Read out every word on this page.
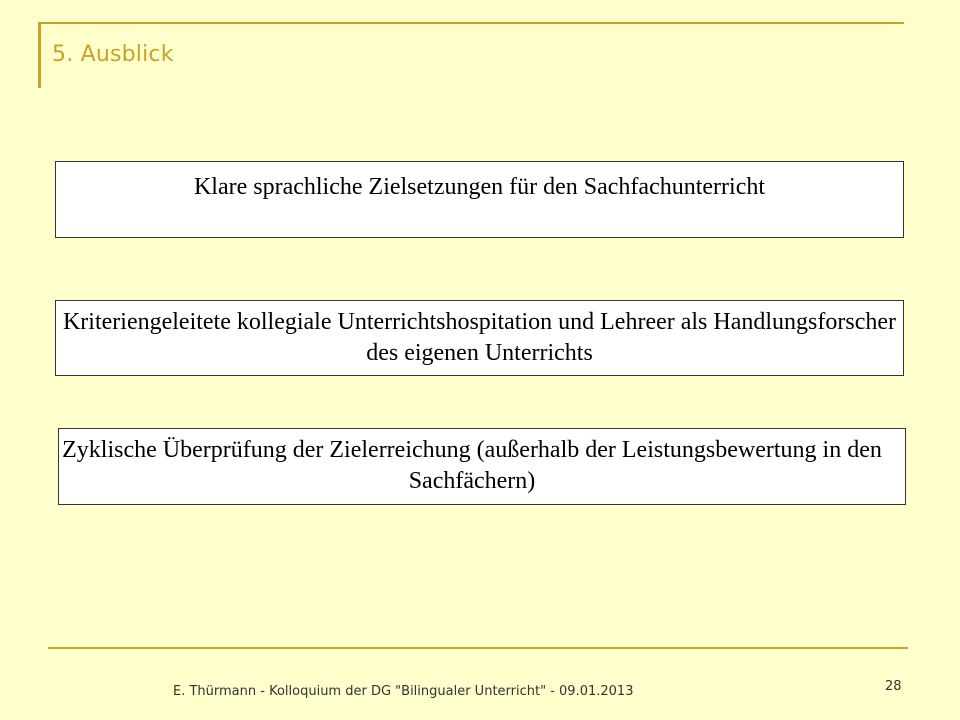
5. Ausblick
Klare sprachliche Zielsetzungen für den Sachfachunterricht
Kriteriengeleitete kollegiale Unterrichtshospitation und Lehreer als Handlungsforscher des eigenen Unterrichts
Zyklische Überprüfung der Zielerreichung (außerhalb der Leistungsbewertung in den Sachfächern)
E. Thürmann - Kolloquium der DG "Bilingualer Unterricht" - 09.01.2013	28
